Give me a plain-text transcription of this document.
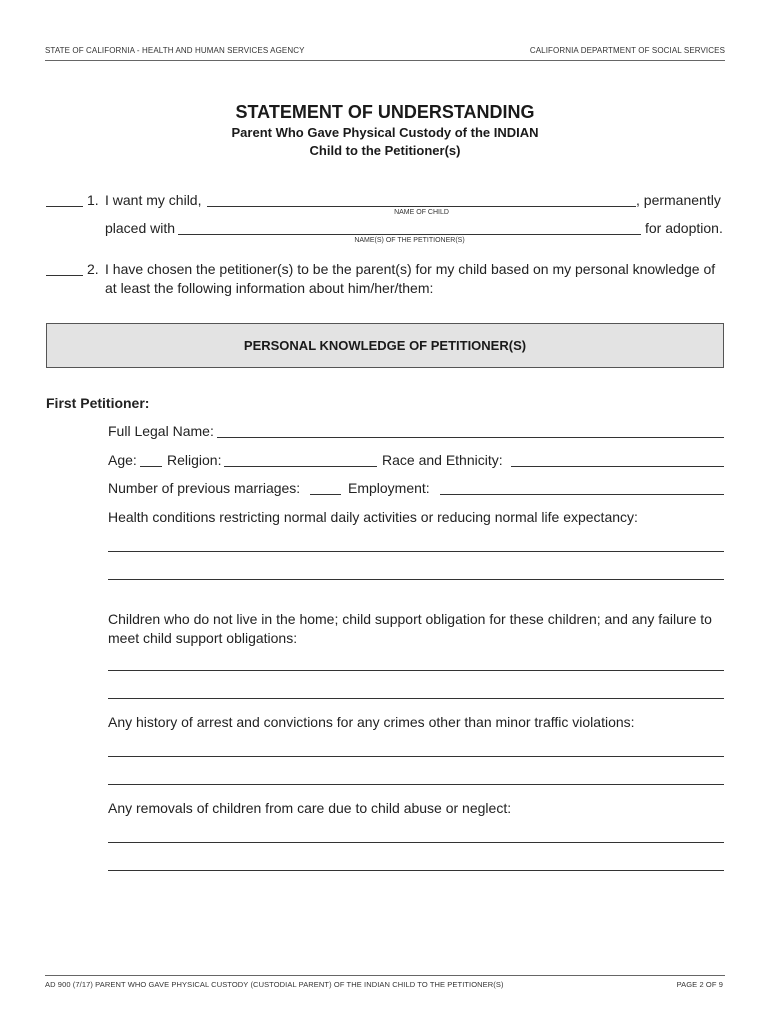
STATE OF CALIFORNIA - HEALTH AND HUMAN SERVICES AGENCY	CALIFORNIA DEPARTMENT OF SOCIAL SERVICES
STATEMENT OF UNDERSTANDING
Parent Who Gave Physical Custody of the INDIAN
Child to the Petitioner(s)
1. I want my child,	, permanently
NAME OF CHILD
placed with	for adoption.
NAME(S) OF THE PETITIONER(S)
2. I have chosen the petitioner(s) to be the parent(s) for my child based on my personal knowledge of
at least the following information about him/her/them:
PERSONAL KNOWLEDGE OF PETITIONER(S)
First Petitioner:
Full Legal Name:
Age: Religion:	Race and Ethnicity:
Number of previous marriages:	Employment:
Health conditions restricting normal daily activities or reducing normal life expectancy:
Children who do not live in the home; child support obligation for these children; and any failure to
meet child support obligations:
Any history of arrest and convictions for any crimes other than minor traffic violations:
Any removals of children from care due to child abuse or neglect:
AD 900 (7/17) PARENT WHO GAVE PHYSICAL CUSTODY (CUSTODIAL PARENT) OF THE INDIAN CHILD TO THE PETITIONER(S)	PAGE 2 OF 9
